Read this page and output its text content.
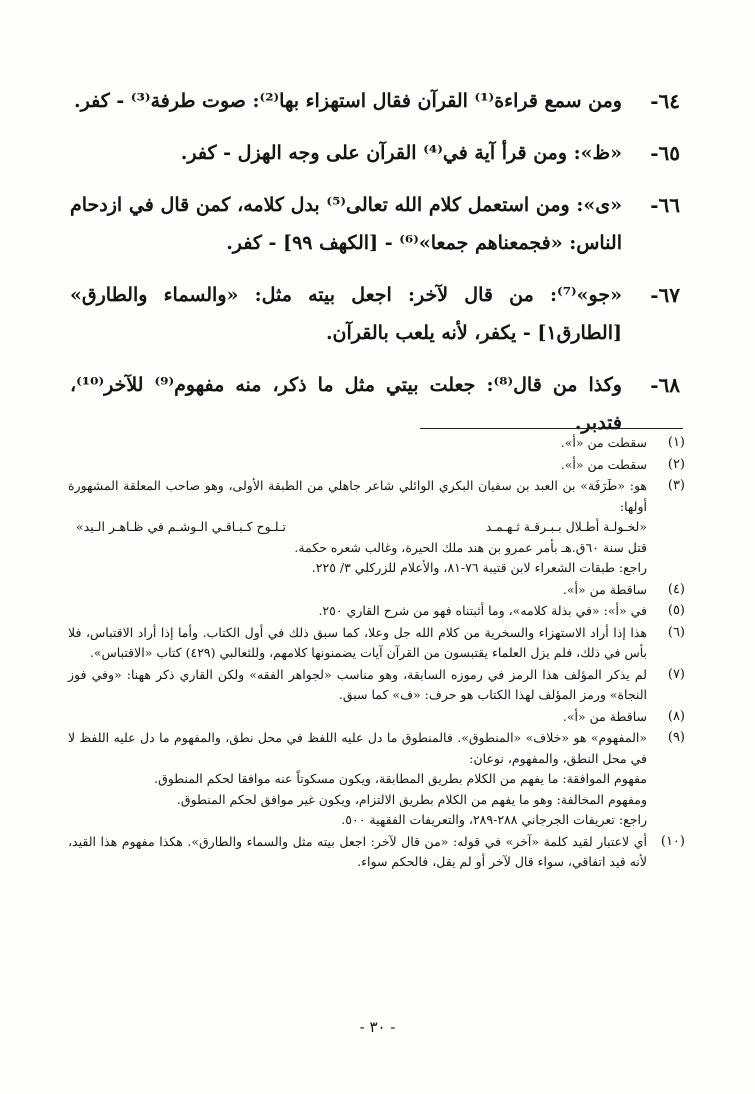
٦٤-
ومن سمع قراءة⁽¹⁾ القرآن فقال استهزاء بها⁽²⁾: صوت طرفة⁽³⁾ - كفر.
٦٥-
«ظ»: ومن قرأ آية في⁽⁴⁾ القرآن على وجه الهزل - كفر.
٦٦-
«ى»: ومن استعمل كلام الله تعالى⁽⁵⁾ بدل كلامه، كمن قال في ازدحام الناس: «فجمعناهم جمعا»⁽⁶⁾ - [الكهف ٩٩] - كفر.
٦٧-
«جو»⁽⁷⁾: من قال لآخر: اجعل بيته مثل: «والسماء والطارق» [الطارق١] - يكفر، لأنه يلعب بالقرآن.
٦٨-
وكذا من قال⁽⁸⁾: جعلت بيتي مثل ما ذكر، منه مفهوم⁽⁹⁾ للآخر⁽¹⁰⁾، فتدبر.
(١)
سقطت من «أ».
(٢)
سقطت من «أ».
(٣)
هو: «طَرَفَة» بن العبد بن سفيان البكري الوائلي شاعر جاهلي من الطبقة الأولى، وهو صاحب المعلقة المشهورة أولها:
«لخـولـة أطـلال بـبـرقـة ثـهـمـد
تـلـوح كـبـاقـي الـوشـم في ظـاهـر الـيد»
قتل سنة ٦٠ق.هـ بأمر عمرو بن هند ملك الحيرة، وغالب شعره حكمة.
راجع: طبقات الشعراء لابن قتيبة ٧٦-٨١، والأعلام للزركلي ٣/ ٢٢٥.
(٤)
ساقطة من «أ».
(٥)
في «أ»: «في بذلة كلامه»، وما أثبتناه فهو من شرح القاري ٢٥٠.
(٦)
هذا إذا أراد الاستهزاء والسخرية من كلام الله جل وعلا، كما سبق ذلك في أول الكتاب. وأما إذا أراد الاقتباس، فلا بأس في ذلك، فلم يزل العلماء يقتبسون من القرآن آيات يضمنونها كلامهم، وللثعالبي (٤٢٩) كتاب «الاقتباس».
(٧)
لم يذكر المؤلف هذا الرمز في رموزه السابقة، وهو مناسب «لجواهر الفقه» ولكن القاري ذكر ههنا: «وفي فوز النجاة» ورمز المؤلف لهذا الكتاب هو حرف: «ف» كما سبق.
(٨)
ساقطة من «أ».
(٩)
«المفهوم» هو «خلاف» «المنطوق». فالمنطوق ما دل عليه اللفظ في محل نطق، والمفهوم ما دل عليه اللفظ لا في محل النطق، والمفهوم، نوعان:
مفهوم الموافقة: ما يفهم من الكلام بطريق المطابقة، ويكون مسكوتاً عنه موافقا لحكم المنطوق.
ومفهوم المخالفة: وهو ما يفهم من الكلام بطريق الالتزام، ويكون غير موافق لحكم المنطوق.
راجع: تعريفات الجرجاني ٢٨٨-٢٨٩، والتعريفات الفقهية ٥٠٠.
(١٠)
أي لاعتبار لقيد كلمة «آخر» في قوله: «من قال لآخر: اجعل بيته مثل والسماء والطارق». هكذا مفهوم هذا القيد، لأنه قيد اتفاقي، سواء قال لآخر أو لم يقل، فالحكم سواء.
- ٣٠ -
